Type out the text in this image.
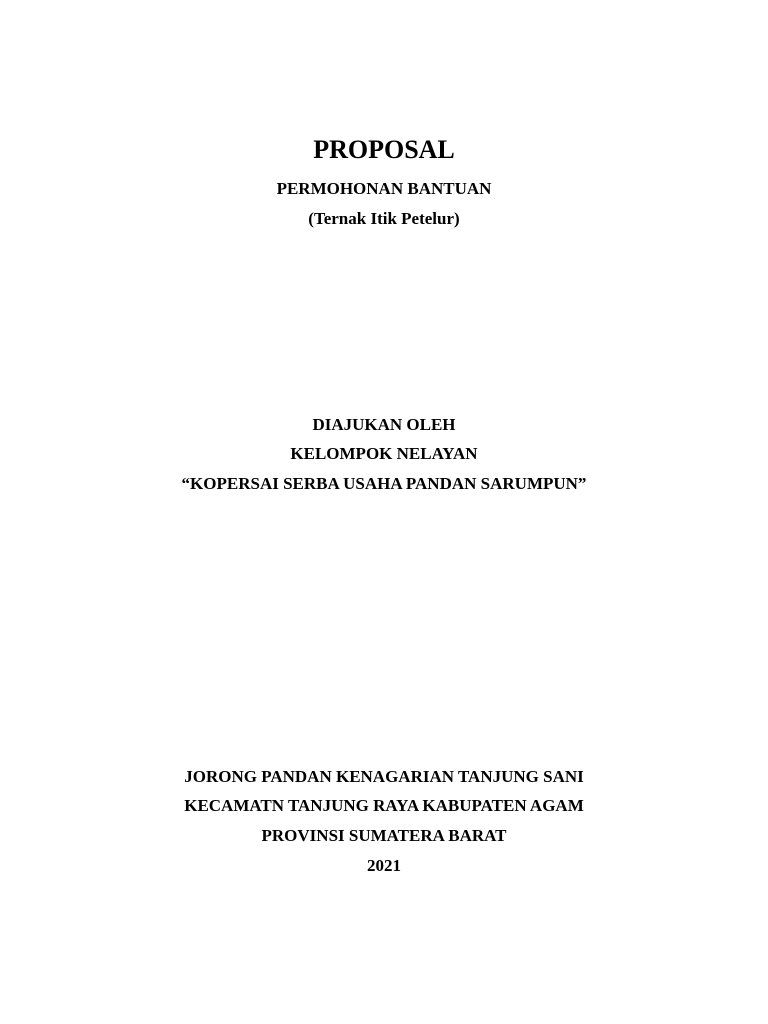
PROPOSAL
PERMOHONAN BANTUAN
(Ternak Itik Petelur)
DIAJUKAN OLEH
KELOMPOK NELAYAN
“KOPERSAI SERBA USAHA PANDAN SARUMPUN”
JORONG PANDAN KENAGARIAN TANJUNG SANI
KECAMATN TANJUNG RAYA KABUPATEN AGAM
PROVINSI SUMATERA BARAT
2021
